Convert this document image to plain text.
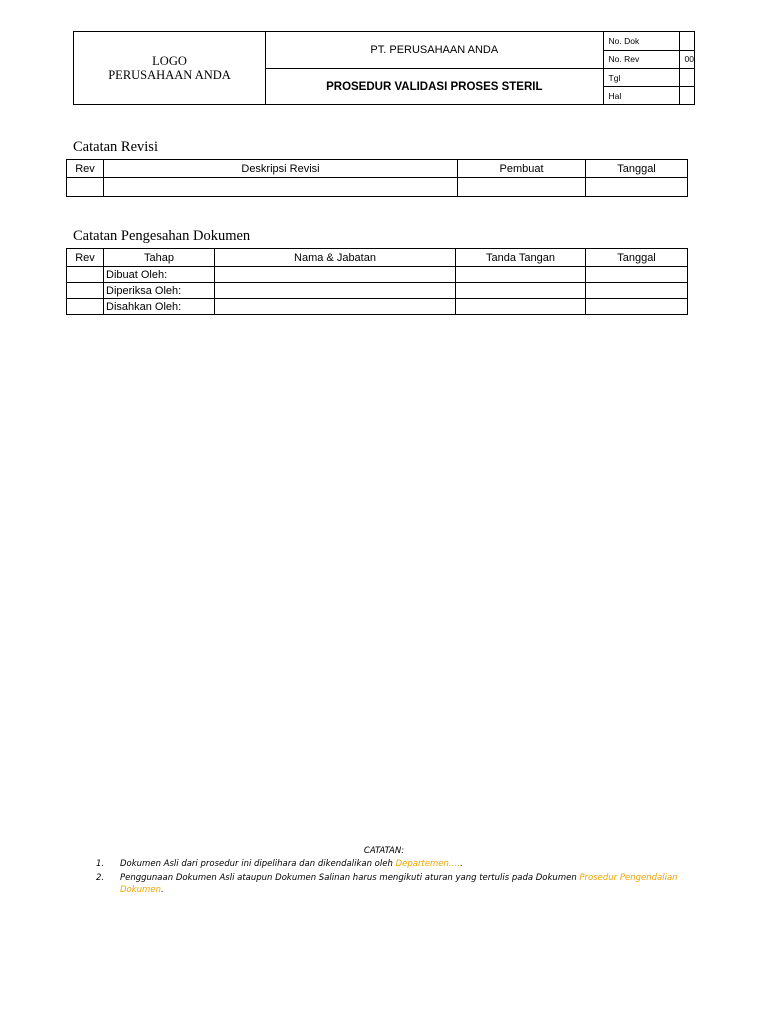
LOGO
PERUSAHAAN ANDA	PT. PERUSAHAAN ANDA	No. Dok	
		No. Rev	00
	PROSEDUR VALIDASI PROSES STERIL	Tgl	
		Hal	
Catatan Revisi
Rev	Deskripsi Revisi	Pembuat	Tanggal

Catatan Pengesahan Dokumen
Rev	Tahap	Nama & Jabatan	Tanda Tangan	Tanggal
	Dibuat Oleh:			
	Diperiksa Oleh:			
	Disahkan Oleh:			
CATATAN:
1. Dokumen Asli dari prosedur ini dipelihara dan dikendalikan oleh Departemen…..
2. Penggunaan Dokumen Asli ataupun Dokumen Salinan harus mengikuti aturan yang tertulis pada Dokumen Prosedur Pengendalian Dokumen.
